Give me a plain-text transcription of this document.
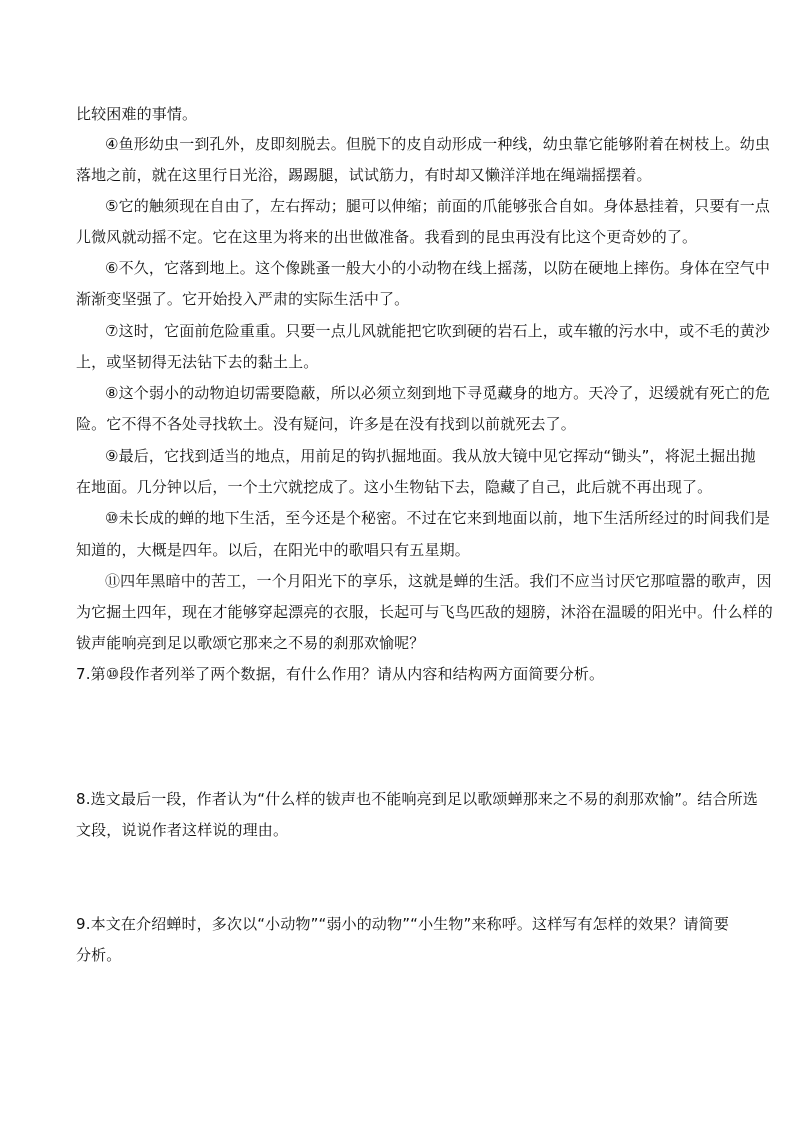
比较困难的事情。
④鱼形幼虫一到孔外，皮即刻脱去。但脱下的皮自动形成一种线，幼虫靠它能够附着在树枝上。幼虫
落地之前，就在这里行日光浴，踢踢腿，试试筋力，有时却又懒洋洋地在绳端摇摆着。
⑤它的触须现在自由了，左右挥动；腿可以伸缩；前面的爪能够张合自如。身体悬挂着，只要有一点
儿微风就动摇不定。它在这里为将来的出世做准备。我看到的昆虫再没有比这个更奇妙的了。
⑥不久，它落到地上。这个像跳蚤一般大小的小动物在线上摇荡，以防在硬地上摔伤。身体在空气中
渐渐变坚强了。它开始投入严肃的实际生活中了。
⑦这时，它面前危险重重。只要一点儿风就能把它吹到硬的岩石上，或车辙的污水中，或不毛的黄沙
上，或坚韧得无法钻下去的黏土上。
⑧这个弱小的动物迫切需要隐蔽，所以必须立刻到地下寻觅藏身的地方。天冷了，迟缓就有死亡的危
险。它不得不各处寻找软土。没有疑问，许多是在没有找到以前就死去了。
⑨最后，它找到适当的地点，用前足的钩扒掘地面。我从放大镜中见它挥动“锄头”，将泥土掘出抛
在地面。几分钟以后，一个土穴就挖成了。这小生物钻下去，隐藏了自己，此后就不再出现了。
⑩未长成的蝉的地下生活，至今还是个秘密。不过在它来到地面以前，地下生活所经过的时间我们是
知道的，大概是四年。以后，在阳光中的歌唱只有五星期。
⑪四年黑暗中的苦工，一个月阳光下的享乐，这就是蝉的生活。我们不应当讨厌它那喧嚣的歌声，因
为它掘土四年，现在才能够穿起漂亮的衣服，长起可与飞鸟匹敌的翅膀，沐浴在温暖的阳光中。什么样的
钹声能响亮到足以歌颂它那来之不易的刹那欢愉呢？
7.第⑩段作者列举了两个数据，有什么作用？请从内容和结构两方面简要分析。
8.选文最后一段，作者认为“什么样的钹声也不能响亮到足以歌颂蝉那来之不易的刹那欢愉”。结合所选
文段，说说作者这样说的理由。
9.本文在介绍蝉时，多次以“小动物”“弱小的动物”“小生物”来称呼。这样写有怎样的效果？请简要
分析。
